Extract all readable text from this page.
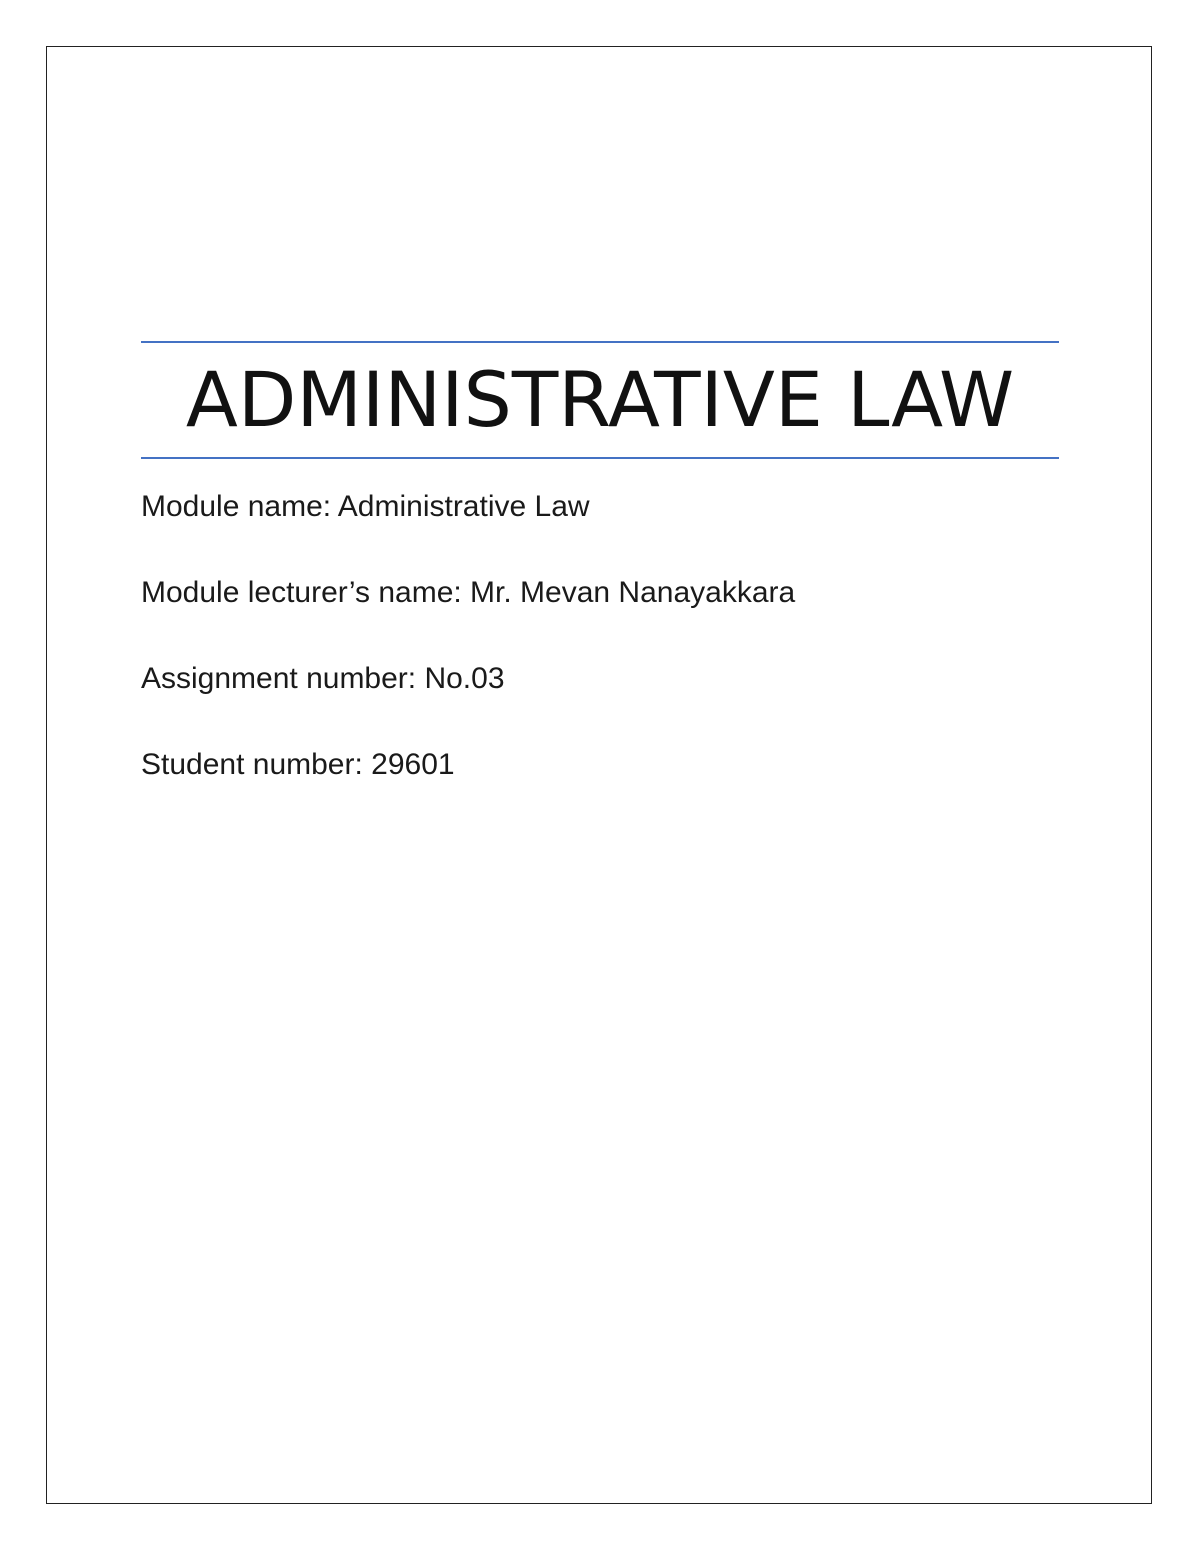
ADMINISTRATIVE LAW
Module name: Administrative Law
Module lecturer’s name: Mr. Mevan Nanayakkara
Assignment number: No.03
Student number: 29601
